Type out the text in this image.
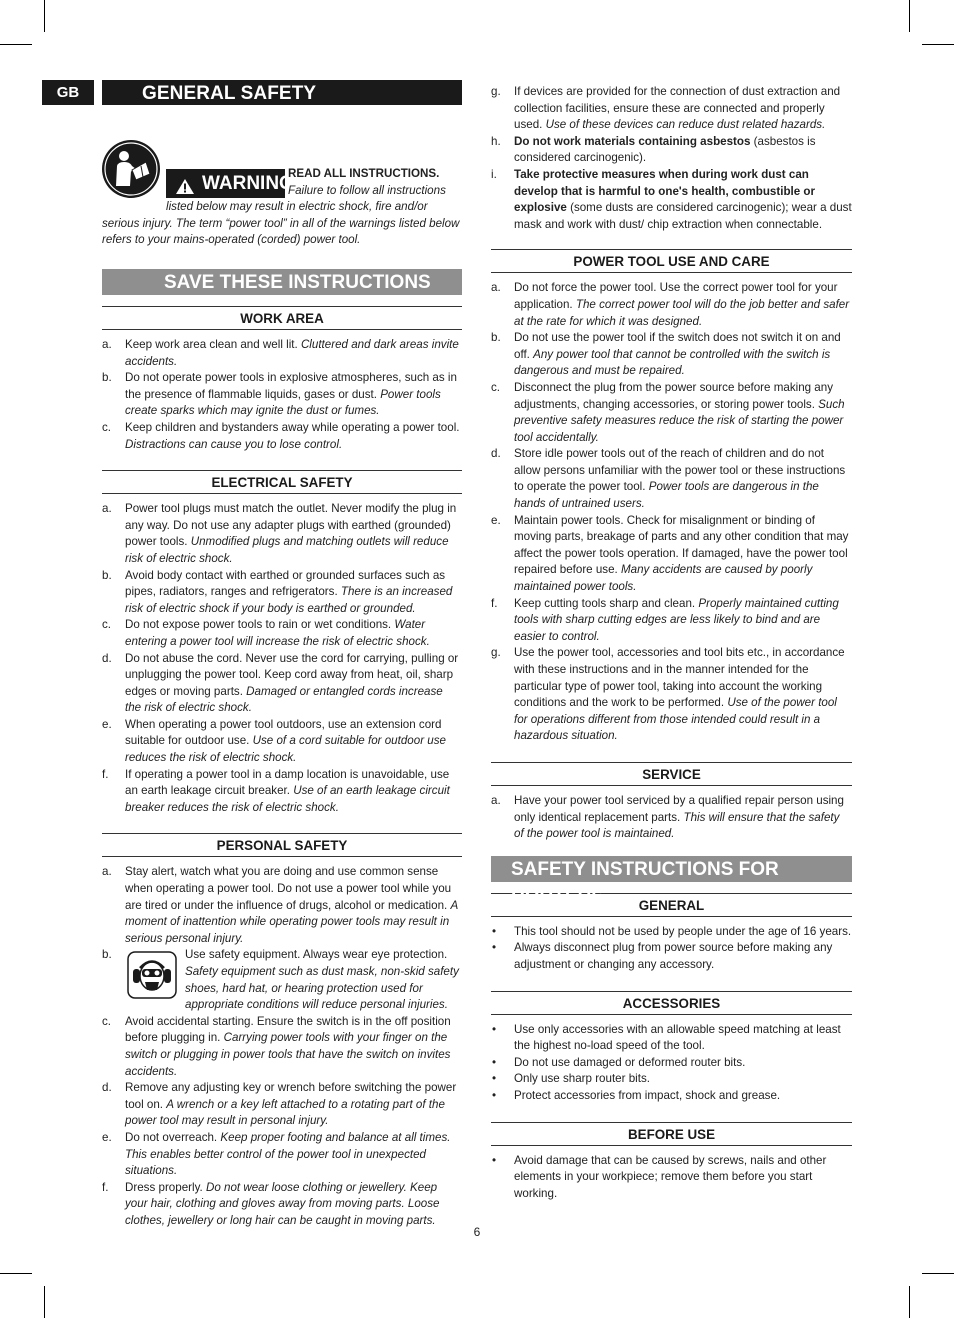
GB	GENERAL SAFETY INSTRUCTIONS
WARNING
READ ALL INSTRUCTIONS.
Failure to follow all instructions
listed below may result in electric shock, fire and/or
serious injury. The term “power tool” in all of the warnings listed below refers to your mains-operated (corded) power tool.
SAVE THESE INSTRUCTIONS
WORK AREA
a. Keep work area clean and well lit. Cluttered and dark areas invite accidents.
b. Do not operate power tools in explosive atmospheres, such as in the presence of flammable liquids, gases or dust. Power tools create sparks which may ignite the dust or fumes.
c. Keep children and bystanders away while operating a power tool. Distractions can cause you to lose control.
ELECTRICAL SAFETY
a. Power tool plugs must match the outlet. Never modify the plug in any way. Do not use any adapter plugs with earthed (grounded) power tools. Unmodified plugs and matching outlets will reduce risk of electric shock.
b. Avoid body contact with earthed or grounded surfaces such as pipes, radiators, ranges and refrigerators. There is an increased risk of electric shock if your body is earthed or grounded.
c. Do not expose power tools to rain or wet conditions. Water entering a power tool will increase the risk of electric shock.
d. Do not abuse the cord. Never use the cord for carrying, pulling or unplugging the power tool. Keep cord away from heat, oil, sharp edges or moving parts. Damaged or entangled cords increase the risk of electric shock.
e. When operating a power tool outdoors, use an extension cord suitable for outdoor use. Use of a cord suitable for outdoor use reduces the risk of electric shock.
f. If operating a power tool in a damp location is unavoidable, use an earth leakage circuit breaker. Use of an earth leakage circuit breaker reduces the risk of electric shock.
PERSONAL SAFETY
a. Stay alert, watch what you are doing and use common sense when operating a power tool. Do not use a power tool while you are tired or under the influence of drugs, alcohol or medication. A moment of inattention while operating power tools may result in serious personal injury.
b.	Use safety equipment. Always wear eye protection. Safety equipment such as dust mask, non-skid safety shoes, hard hat, or hearing protection used for appropriate conditions will reduce personal injuries.
c. Avoid accidental starting. Ensure the switch is in the off position before plugging in. Carrying power tools with your finger on the switch or plugging in power tools that have the switch on invites accidents.
d. Remove any adjusting key or wrench before switching the power tool on. A wrench or a key left attached to a rotating part of the power tool may result in personal injury.
e. Do not overreach. Keep proper footing and balance at all times. This enables better control of the power tool in unexpected situations.
f. Dress properly. Do not wear loose clothing or jewellery. Keep your hair, clothing and gloves away from moving parts. Loose clothes, jewellery or long hair can be caught in moving parts.
g. If devices are provided for the connection of dust extraction and collection facilities, ensure these are connected and properly used. Use of these devices can reduce dust related hazards.
h. Do not work materials containing asbestos (asbestos is considered carcinogenic).
i. Take protective measures when during work dust can develop that is harmful to one's health, combustible or explosive (some dusts are considered carcinogenic); wear a dust mask and work with dust/ chip extraction when connectable.
POWER TOOL USE AND CARE
a. Do not force the power tool. Use the correct power tool for your application. The correct power tool will do the job better and safer at the rate for which it was designed.
b. Do not use the power tool if the switch does not switch it on and off. Any power tool that cannot be controlled with the switch is dangerous and must be repaired.
c. Disconnect the plug from the power source before making any adjustments, changing accessories, or storing power tools. Such preventive safety measures reduce the risk of starting the power tool accidentally.
d. Store idle power tools out of the reach of children and do not allow persons unfamiliar with the power tool or these instructions to operate the power tool. Power tools are dangerous in the hands of untrained users.
e. Maintain power tools. Check for misalignment or binding of moving parts, breakage of parts and any other condition that may affect the power tools operation. If damaged, have the power tool repaired before use. Many accidents are caused by poorly maintained power tools.
f. Keep cutting tools sharp and clean. Properly maintained cutting tools with sharp cutting edges are less likely to bind and are easier to control.
g. Use the power tool, accessories and tool bits etc., in accordance with these instructions and in the manner intended for the particular type of power tool, taking into account the working conditions and the work to be performed. Use of the power tool for operations different from those intended could result in a hazardous situation.
SERVICE
a. Have your power tool serviced by a qualified repair person using only identical replacement parts. This will ensure that the safety of the power tool is maintained.
SAFETY INSTRUCTIONS FOR ROUTERS	GENERAL
• This tool should not be used by people under the age of 16 years.
• Always disconnect plug from power source before making any adjustment or changing any accessory.
ACCESSORIES
• Use only accessories with an allowable speed matching at least the highest no-load speed of the tool.
• Do not use damaged or deformed router bits.
• Only use sharp router bits.
• Protect accessories from impact, shock and grease.
BEFORE USE
• Avoid damage that can be caused by screws, nails and other elements in your workpiece; remove them before you start working.
6
